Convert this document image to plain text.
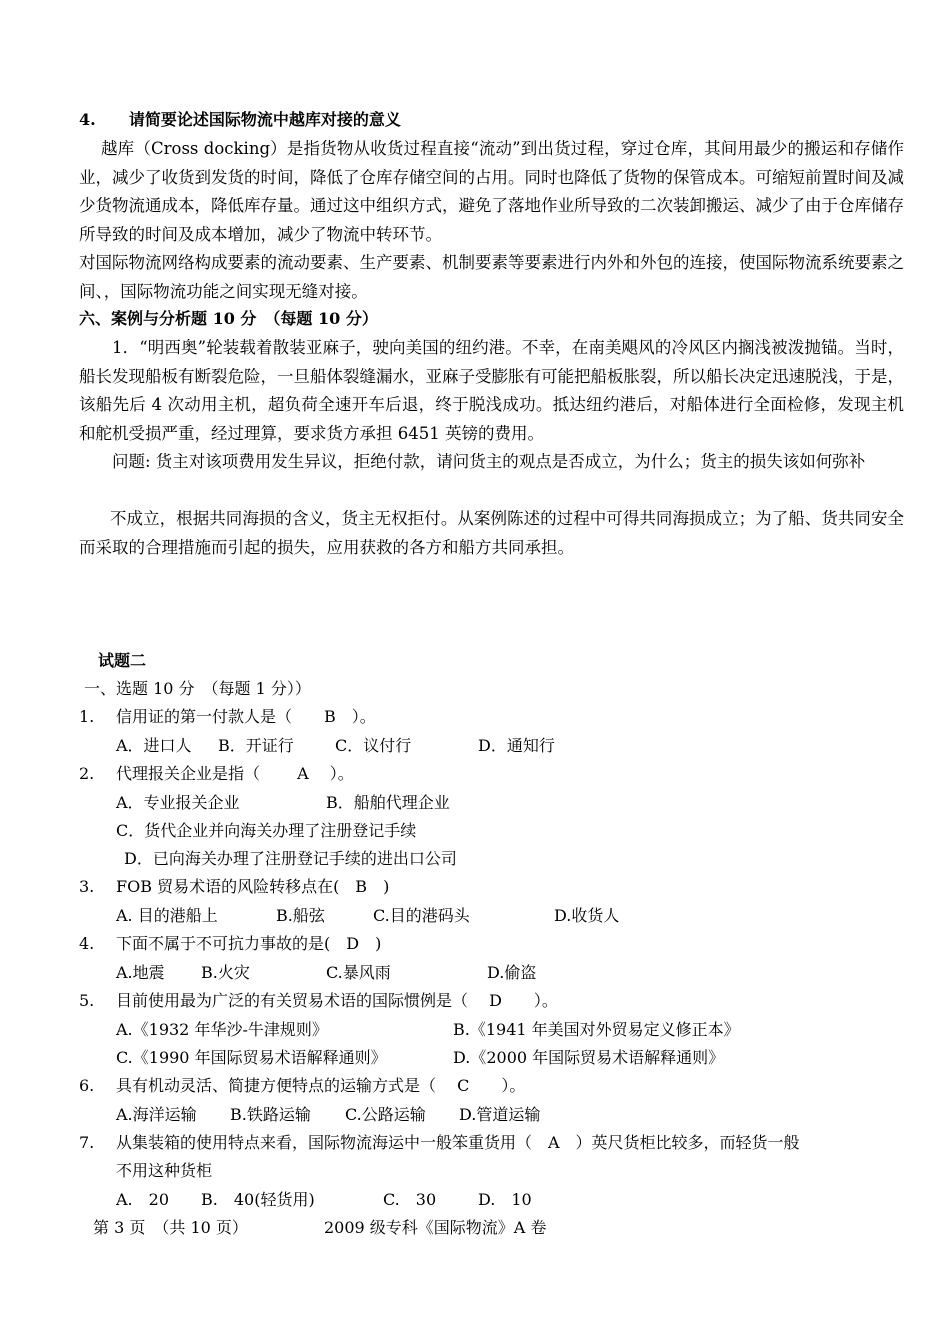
4. 请简要论述国际物流中越库对接的意义
越库（Cross docking）是指货物从收货过程直接“流动”到出货过程，穿过仓库，其间用最少的搬运和存储作业，减少了收货到发货的时间，降低了仓库存储空间的占用。同时也降低了货物的保管成本。可缩短前置时间及减少货物流通成本，降低库存量。通过这中组织方式，避免了落地作业所导致的二次装卸搬运、减少了由于仓库储存所导致的时间及成本增加，减少了物流中转环节。
对国际物流网络构成要素的流动要素、生产要素、机制要素等要素进行内外和外包的连接，使国际物流系统要素之间、，国际物流功能之间实现无缝对接。
六、案例与分析题 10 分　（每题 10 分）
1．“明西奥”轮装载着散装亚麻子，驶向美国的纽约港。不幸，在南美飓风的冷风区内搁浅被泼抛锚。当时，船长发现船板有断裂危险，一旦船体裂缝漏水，亚麻子受膨胀有可能把船板胀裂，所以船长决定迅速脱浅，于是，该船先后 4 次动用主机，超负荷全速开车后退，终于脱浅成功。抵达纽约港后，对船体进行全面检修，发现主机和舵机受损严重，经过理算，要求货方承担 6451 英镑的费用。
问题: 货主对该项费用发生异议，拒绝付款，请问货主的观点是否成立，为什么；货主的损失该如何弥补
不成立，根据共同海损的含义，货主无权拒付。从案例陈述的过程中可得共同海损成立；为了船、货共同安全而采取的合理措施而引起的损失，应用获救的各方和船方共同承担。
试题二
一、选题 10 分　（每题 1 分））
1. 信用证的第一付款人是（　　B　）。
A．进口人 B．开证行	C．议付行	D．通知行
2. 代理报关企业是指（　　 A　 ）。
A．专业报关企业	B．船舶代理企业
C．货代企业并向海关办理了注册登记手续
D．已向海关办理了注册登记手续的进出口公司
3. FOB 贸易术语的风险转移点在(　B　)
A. 目的港船上	B.船弦	C.目的港码头	D.收货人
4. 下面不属于不可抗力事故的是(　D　)
A.地震 B.火灾	C.暴风雨	D.偷盗
5. 目前使用最为广泛的有关贸易术语的国际惯例是（　 D　　）。
A.《1932 年华沙-牛津规则》	B.《1941 年美国对外贸易定义修正本》
C.《1990 年国际贸易术语解释通则》	D.《2000 年国际贸易术语解释通则》
6. 具有机动灵活、简捷方便特点的运输方式是（　 C　　）。
A.海洋运输 B.铁路运输 C.公路运输 D.管道运输
7. 从集装箱的使用特点来看，国际物流海运中一般笨重货用（　A　）英尺货柜比较多，而轻货一般
不用这种货柜
A.　20 B.　40(轻货用)	C.　30	D.　10
第 3 页　（共 10 页）	2009 级专科《国际物流》A 卷
